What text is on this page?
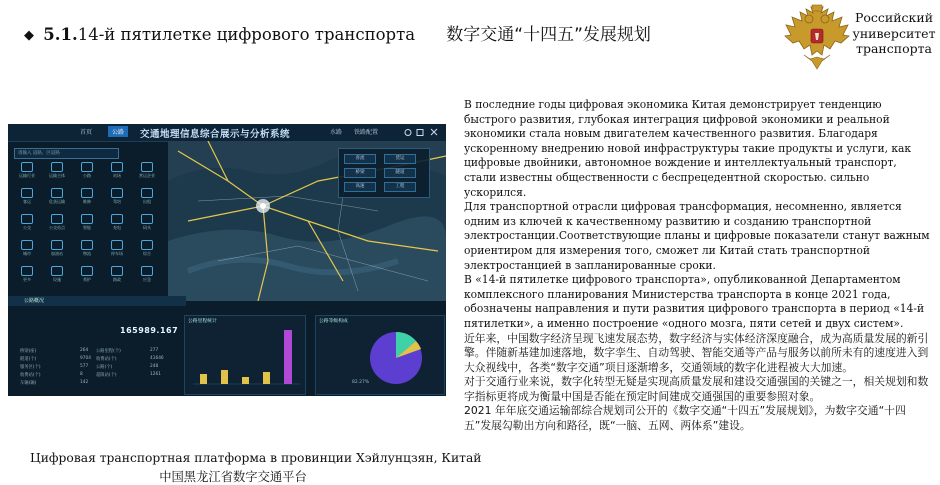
◆ 5.1.14-й пятилетке цифрового транспорта 数字交通“十四五”发展规划
Российский
университет
транспорта
首页	公路	交通地理信息综合展示与分析系统	水路 铁路配置
请输入 道路、区道路
运输行业	运输主体	公路	站场	营运企业
客运	危货运输	维修	驾培	出租
公交	公交站点	智能	充电	码头
城市	加油站	物流	停车场	综合
更多	设施	养护	路政	应急
客流	货运
桥梁	隧道
高速	工程
公路概况
165989.167
桥梁(座)	264
隧道(个)	9704
服务区(个)	577
收费站(个)	8
车辆(辆)	142
公路里程(个)	277
收费站(个)	41646
公路(个)	248
超限站(个)	1261
公路里程统计	公路等级构成
82.27%
Цифровая транспортная платформа в провинции Хэйлунцзян, Китай
中国黑龙江省数字交通平台

В последние годы цифровая экономика Китая демонстрирует тенденцию быстрого развития, глубокая интеграция цифровой экономики и реальной экономики стала новым двигателем качественного развития. Благодаря ускоренному внедрению новой инфраструктуры такие продукты и услуги, как цифровые двойники, автономное вождение и интеллектуальный транспорт, стали известны общественности с беспрецедентной скоростью. сильно ускорился.

Для транспортной отрасли цифровая трансформация, несомненно, является одним из ключей к качественному развитию и созданию транспортной электростанции.Соответствующие планы и цифровые показатели станут важным ориентиром для измерения того, сможет ли Китай стать транспортной электростанцией в запланированные сроки.

В «14-й пятилетке цифрового транспорта», опубликованной Департаментом комплексного планирования Министерства транспорта в конце 2021 года, обозначены направления и пути развития цифрового транспорта в период «14-й пятилетки», а именно построение «одного мозга, пяти сетей и двух систем».

近年来，中国数字经济呈现飞速发展态势，数字经济与实体经济深度融合，成为高质量发展的新引擎。伴随新基建加速落地，数字孪生、自动驾驶、智能交通等产品与服务以前所未有的速度进入到大众视线中，各类“数字交通”项目逐渐增多，交通领域的数字化进程被大大加速。

对于交通行业来说，数字化转型无疑是实现高质量发展和建设交通强国的关键之一，相关规划和数字指标更将成为衡量中国是否能在预定时间建成交通强国的重要参照对象。

2021 年年底交通运输部综合规划司公开的《数字交通“十四五”发展规划》，为数字交通“十四五”发展勾勒出方向和路径，既“一脑、五网、两体系”建设。
